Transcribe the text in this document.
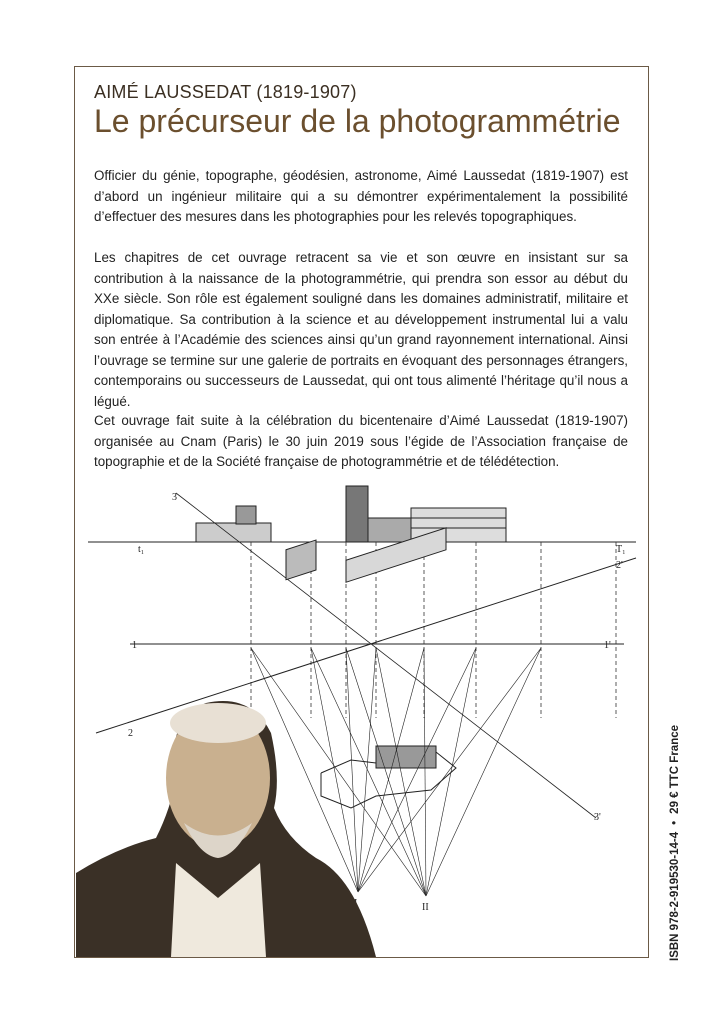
AIMÉ LAUSSEDAT (1819-1907)
Le précurseur de la photogrammétrie

Officier du génie, topographe, géodésien, astronome, Aimé Laussedat (1819-1907) est d’abord un ingénieur militaire qui a su démontrer expérimentalement la possibilité d’effectuer des mesures dans les photographies pour les relevés topographiques.

Les chapitres de cet ouvrage retracent sa vie et son œuvre en insistant sur sa contribution à la naissance de la photogrammétrie, qui prendra son essor au début du XXe siècle. Son rôle est également souligné dans les domaines administratif, militaire et diplomatique. Sa contribution à la science et au développement instrumental lui a valu son entrée à l’Académie des sciences ainsi qu’un grand rayonnement international. Ainsi l’ouvrage se termine sur une galerie de portraits en évoquant des personnages étrangers, contemporains ou successeurs de Laussedat, qui ont tous alimenté l’héritage qu’il nous a légué.

Cet ouvrage fait suite à la célébration du bicentenaire d’Aimé Laussedat (1819-1907) organisée au Cnam (Paris) le 30 juin 2019 sous l’égide de l’Association française de topographie et de la Société française de photogrammétrie et de télédétection.

t₁	T₁
3
3'
1	1'
2
2'
II	ISBN 978-2-919530-14-4•29 € TTC France
